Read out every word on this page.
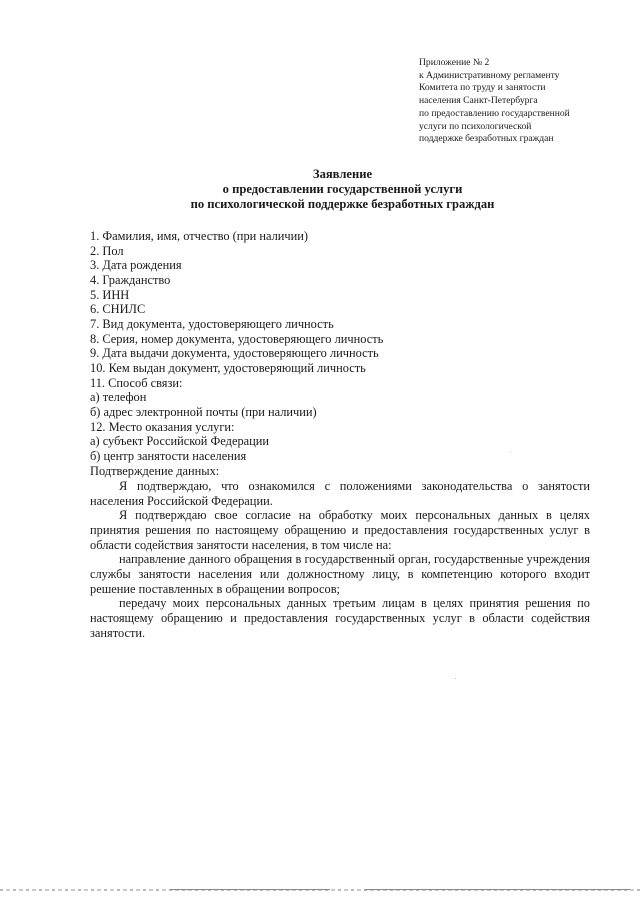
Приложение № 2
к Административному регламенту
Комитета по труду и занятости
населения Санкт-Петербурга
по предоставлению государственной
услуги по психологической
поддержке безработных граждан
Заявление
о предоставлении государственной услуги
по психологической поддержке безработных граждан
1. Фамилия, имя, отчество (при наличии)
2. Пол
3. Дата рождения
4. Гражданство
5. ИНН
6. СНИЛС
7. Вид документа, удостоверяющего личность
8. Серия, номер документа, удостоверяющего личность
9. Дата выдачи документа, удостоверяющего личность
10. Кем выдан документ, удостоверяющий личность
11. Способ связи:
а) телефон
б) адрес электронной почты (при наличии)
12. Место оказания услуги:
а) субъект Российской Федерации
б) центр занятости населения
Подтверждение данных:

Я подтверждаю, что ознакомился с положениями законодательства о занятости населения Российской Федерации.

Я подтверждаю свое согласие на обработку моих персональных данных в целях принятия решения по настоящему обращению и предоставления государственных услуг в области содействия занятости населения, в том числе на:

направление данного обращения в государственный орган, государственные учреждения службы занятости населения или должностному лицу, в компетенцию которого входит решение поставленных в обращении вопросов;

передачу моих персональных данных третьим лицам в целях принятия решения по настоящему обращению и предоставления государственных услуг в области содействия занятости.
